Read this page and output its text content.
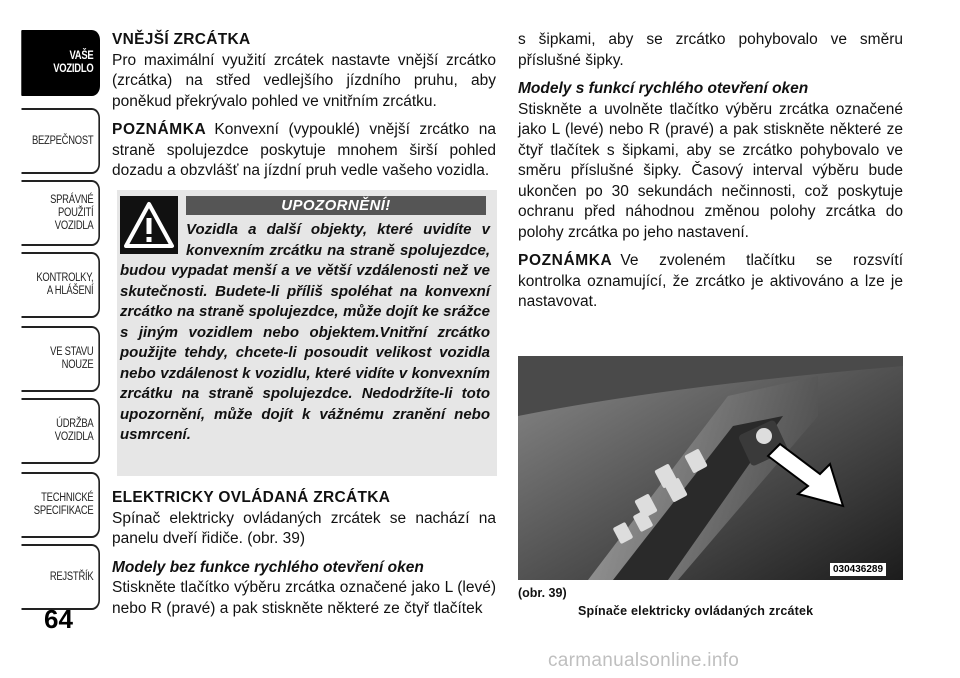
VAŠE
VOZIDLO
BEZPEČNOST
SPRÁVNÉ
POUŽITÍ
VOZIDLA
KONTROLKY,
A HLÁŠENÍ
VE STAVU
NOUZE
ÚDRŽBA
VOZIDLA
TECHNICKÉ
SPECIFIKACE
REJSTŘÍK
64
VNĚJŠÍ ZRCÁTKA

Pro maximální využití zrcátek nastavte vnější zrcátko (zrcátka) na střed vedlejšího jízdního pruhu, aby poněkud překrývalo pohled ve vnitřním zrcátku.

POZNÁMKA Konvexní (vypouklé) vnější zrcátko na straně spolujezdce poskytuje mnohem širší pohled dozadu a obzvlášť na jízdní pruh vedle vašeho vozidla.

UPOZORNĚNÍ!
Vozidla a další objekty, které uvidíte v konvexním zrcátku na straně spolujezdce, budou vypadat menší a ve větší vzdálenosti než ve skutečnosti. Budete-li příliš spoléhat na konvexní zrcátko na straně spolujezdce, může dojít ke srážce s jiným vozidlem nebo objektem.Vnitřní zrcátko použijte tehdy, chcete-li posoudit velikost vozidla nebo vzdálenost k vozidlu, které vidíte v konvexním zrcátku na straně spolujezdce. Nedodržíte-li toto upozornění, může dojít k vážnému zranění nebo usmrcení.
ELEKTRICKY OVLÁDANÁ ZRCÁTKA

Spínač elektricky ovládaných zrcátek se nachází na panelu dveří řidiče. (obr. 39)

Modely bez funkce rychlého otevření oken

Stiskněte tlačítko výběru zrcátka označené jako L (levé) nebo R (pravé) a pak stiskněte některé ze čtyř tlačítek

s šipkami, aby se zrcátko pohybovalo ve směru příslušné šipky.

Modely s funkcí rychlého otevření oken

Stiskněte a uvolněte tlačítko výběru zrcátka označené jako L (levé) nebo R (pravé) a pak stiskněte některé ze čtyř tlačítek s šipkami, aby se zrcátko pohybovalo ve směru příslušné šipky. Časový interval výběru bude ukončen po 30 sekundách nečinnosti, což poskytuje ochranu před náhodnou změnou polohy zrcátka do polohy zrcátka po jeho nastavení.

POZNÁMKA Ve zvoleném tlačítku se rozsvítí kontrolka oznamující, že zrcátko je aktivováno a lze je nastavovat.

030436289
(obr. 39)
Spínače elektricky ovládaných zrcátek
carmanualsonline.info
